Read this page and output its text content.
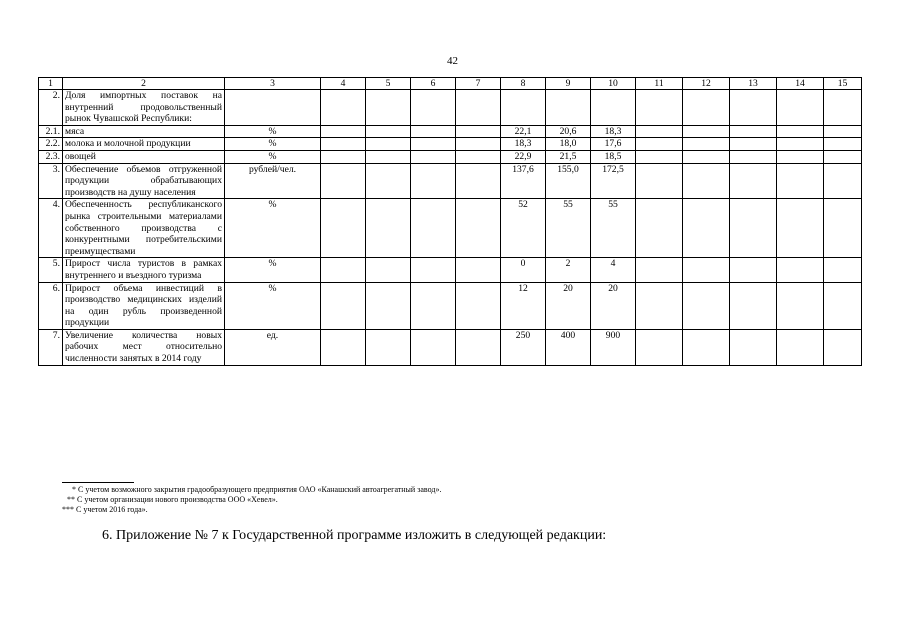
42
1	2	3	4	5	6	7	8	9	10	11	12	13	14	15
2.	Доля импортных поставок на внутренний продовольственный рынок Чувашской Республики:													
2.1.	мяса	%					22,1	20,6	18,3					
2.2.	молока и молочной продукции	%					18,3	18,0	17,6					
2.3.	овощей	%					22,9	21,5	18,5					
3.	Обеспечение объемов отгруженной продукции обрабатывающих производств на душу населения	рублей/чел.					137,6	155,0	172,5					
4.	Обеспеченность республиканского рынка строительными материалами собственного производства с конкурентными потребительскими преимуществами	%					52	55	55					
5.	Прирост числа туристов в рамках внутреннего и въездного туризма	%					0	2	4					
6.	Прирост объема инвестиций в производство медицинских изделий на один рубль произведенной продукции	%					12	20	20					
7.	Увеличение количества новых рабочих мест относительно численности занятых в 2014 году	ед.					250	400	900					
* С учетом возможного закрытия градообразующего предприятия ОАО «Канашский автоагрегатный завод».
** С учетом организации нового производства ООО «Хевел».
*** С учетом 2016 года».
6. Приложение № 7 к Государственной программе изложить в следующей редакции:
